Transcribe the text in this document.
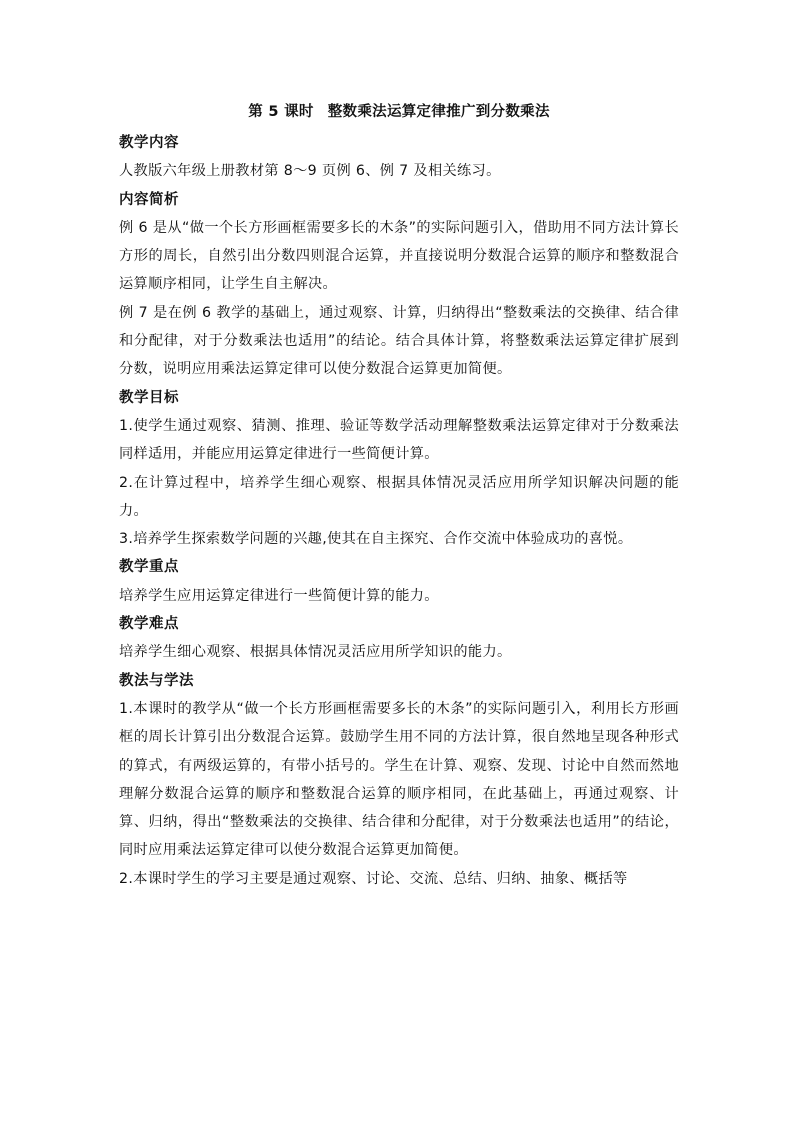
第 5 课时 整数乘法运算定律推广到分数乘法
教学内容

人教版六年级上册教材第 8～9 页例 6、例 7 及相关练习。

内容简析

例 6 是从“做一个长方形画框需要多长的木条”的实际问题引入，借助用不同方法计算长方形的周长，自然引出分数四则混合运算，并直接说明分数混合运算的顺序和整数混合运算顺序相同，让学生自主解决。

例 7 是在例 6 教学的基础上，通过观察、计算，归纳得出“整数乘法的交换律、结合律和分配律，对于分数乘法也适用”的结论。结合具体计算，将整数乘法运算定律扩展到分数，说明应用乘法运算定律可以使分数混合运算更加简便。

教学目标

1.使学生通过观察、猜测、推理、验证等数学活动理解整数乘法运算定律对于分数乘法同样适用，并能应用运算定律进行一些简便计算。

2.在计算过程中，培养学生细心观察、根据具体情况灵活应用所学知识解决问题的能力。

3.培养学生探索数学问题的兴趣,使其在自主探究、合作交流中体验成功的喜悦。

教学重点

培养学生应用运算定律进行一些简便计算的能力。

教学难点

培养学生细心观察、根据具体情况灵活应用所学知识的能力。

教法与学法

1.本课时的教学从“做一个长方形画框需要多长的木条”的实际问题引入，利用长方形画框的周长计算引出分数混合运算。鼓励学生用不同的方法计算，很自然地呈现各种形式的算式，有两级运算的，有带小括号的。学生在计算、观察、发现、讨论中自然而然地理解分数混合运算的顺序和整数混合运算的顺序相同，在此基础上，再通过观察、计算、归纳，得出“整数乘法的交换律、结合律和分配律，对于分数乘法也适用”的结论，同时应用乘法运算定律可以使分数混合运算更加简便。

2.本课时学生的学习主要是通过观察、讨论、交流、总结、归纳、抽象、概括等
